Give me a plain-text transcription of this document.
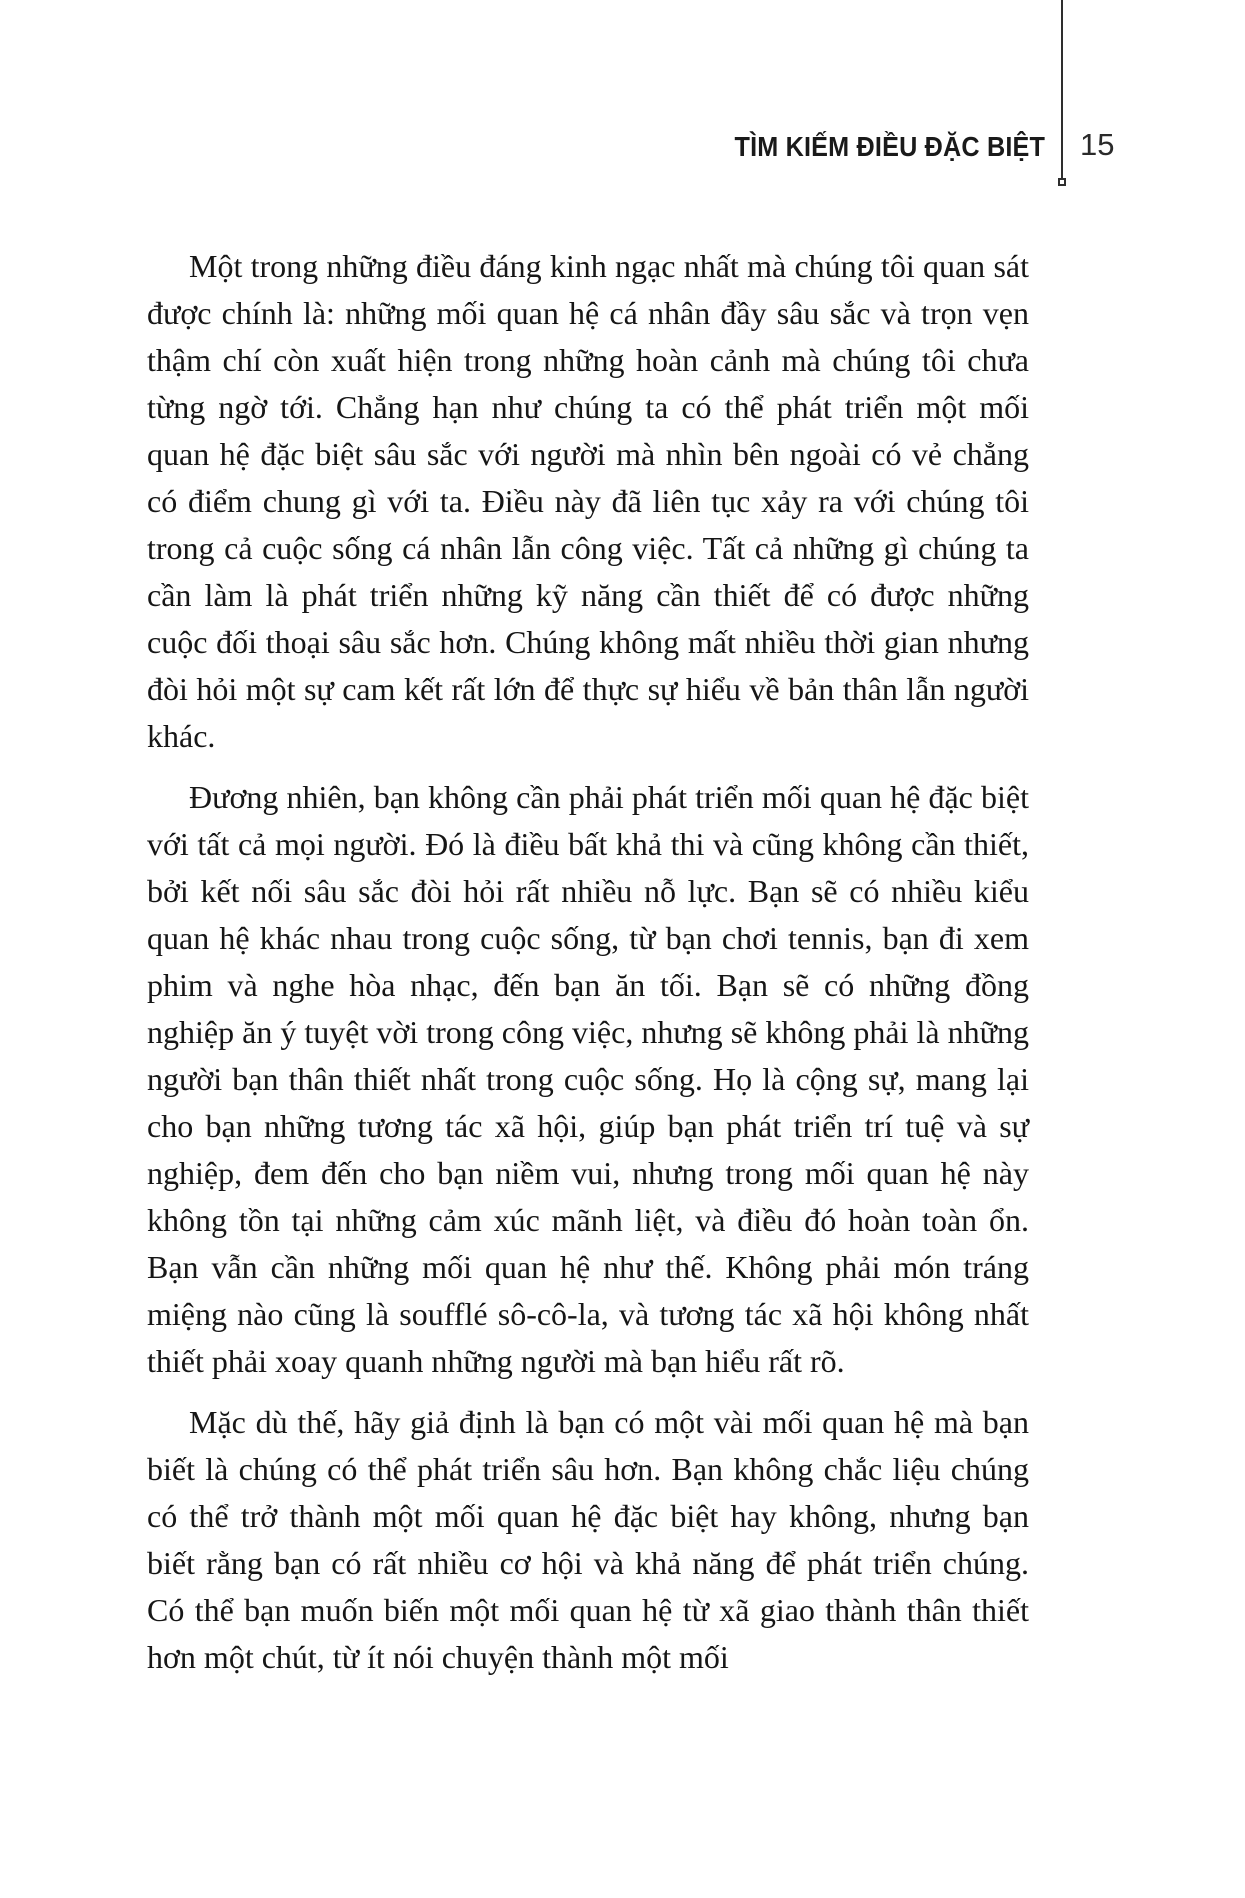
TÌM KIẾM ĐIỀU ĐẶC BIỆT 15

Một trong những điều đáng kinh ngạc nhất mà chúng tôi quan sát được chính là: những mối quan hệ cá nhân đầy sâu sắc và trọn vẹn thậm chí còn xuất hiện trong những hoàn cảnh mà chúng tôi chưa từng ngờ tới. Chẳng hạn như chúng ta có thể phát triển một mối quan hệ đặc biệt sâu sắc với người mà nhìn bên ngoài có vẻ chẳng có điểm chung gì với ta. Điều này đã liên tục xảy ra với chúng tôi trong cả cuộc sống cá nhân lẫn công việc. Tất cả những gì chúng ta cần làm là phát triển những kỹ năng cần thiết để có được những cuộc đối thoại sâu sắc hơn. Chúng không mất nhiều thời gian nhưng đòi hỏi một sự cam kết rất lớn để thực sự hiểu về bản thân lẫn người khác.

Đương nhiên, bạn không cần phải phát triển mối quan hệ đặc biệt với tất cả mọi người. Đó là điều bất khả thi và cũng không cần thiết, bởi kết nối sâu sắc đòi hỏi rất nhiều nỗ lực. Bạn sẽ có nhiều kiểu quan hệ khác nhau trong cuộc sống, từ bạn chơi tennis, bạn đi xem phim và nghe hòa nhạc, đến bạn ăn tối. Bạn sẽ có những đồng nghiệp ăn ý tuyệt vời trong công việc, nhưng sẽ không phải là những người bạn thân thiết nhất trong cuộc sống. Họ là cộng sự, mang lại cho bạn những tương tác xã hội, giúp bạn phát triển trí tuệ và sự nghiệp, đem đến cho bạn niềm vui, nhưng trong mối quan hệ này không tồn tại những cảm xúc mãnh liệt, và điều đó hoàn toàn ổn. Bạn vẫn cần những mối quan hệ như thế. Không phải món tráng miệng nào cũng là soufflé sô-cô-la, và tương tác xã hội không nhất thiết phải xoay quanh những người mà bạn hiểu rất rõ.

Mặc dù thế, hãy giả định là bạn có một vài mối quan hệ mà bạn biết là chúng có thể phát triển sâu hơn. Bạn không chắc liệu chúng có thể trở thành một mối quan hệ đặc biệt hay không, nhưng bạn biết rằng bạn có rất nhiều cơ hội và khả năng để phát triển chúng. Có thể bạn muốn biến một mối quan hệ từ xã giao thành thân thiết hơn một chút, từ ít nói chuyện thành một mối
